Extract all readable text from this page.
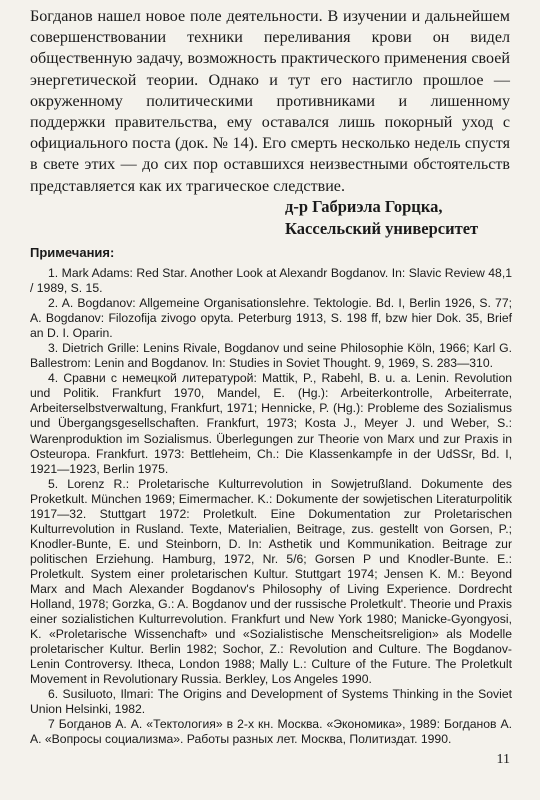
Богданов нашел новое поле деятельности. В изучении и дальнейшем совершенствовании техники переливания крови он видел общественную задачу, возможность практического применения своей энергетической теории. Однако и тут его настигло прошлое — окруженному политическими противниками и лишенному поддержки правительства, ему оставался лишь покорный уход с официального поста (док. № 14). Его смерть несколько недель спустя в свете этих — до сих пор оставшихся неизвестными обстоятельств представляется как их трагическое следствие.

д-р Габриэла Горцка,
Кассельский университет
Примечания:

1. Mark Adams: Red Star. Another Look at Alexandr Bogdanov. In: Slavic Review 48,1 / 1989, S. 15.

2. A. Bogdanov: Allgemeine Organisationslehre. Tektologie. Bd. I, Berlin 1926, S. 77; A. Bogdanov: Filozofija zivogo opyta. Peterburg 1913, S. 198 ff, bzw hier Dok. 35, Brief an D. I. Oparin.

3. Dietrich Grille: Lenins Rivale, Bogdanov und seine Philosophie Köln, 1966; Karl G. Ballestrom: Lenin and Bogdanov. In: Studies in Soviet Thought. 9, 1969, S. 283—310.

4. Сравни с немецкой литературой: Mattik, P., Rabehl, B. u. a. Lenin. Revolution und Politik. Frankfurt 1970, Mandel, E. (Hg.): Arbeiterkontrolle, Arbeiterrate, Arbeiterselbstverwaltung, Frankfurt, 1971; Hennicke, P. (Hg.): Probleme des Sozialismus und Übergangsgesellschaften. Frankfurt, 1973; Kosta J., Meyer J. und Weber, S.: Warenproduktion im Sozialismus. Überlegungen zur Theorie von Marx und zur Praxis in Osteuropa. Frankfurt. 1973: Bettleheim, Ch.: Die Klassenkampfe in der UdSSr, Bd. I, 1921—1923, Berlin 1975.

5. Lorenz R.: Proletarische Kulturrevolution in Sowjetrußland. Dokumente des Proketkult. München 1969; Eimermacher. K.: Dokumente der sowjetischen Literaturpolitik 1917—32. Stuttgart 1972: Proletkult. Eine Dokumentation zur Proletarischen Kulturrevolution in Rusland. Texte, Materialien, Beitrage, zus. gestellt von Gorsen, P.; Knodler-Bunte, E. und Steinborn, D. In: Asthetik und Kommunikation. Beitrage zur politischen Erziehung. Hamburg, 1972, Nr. 5/6; Gorsen P und Knodler-Bunte. E.: Proletkult. System einer proletarischen Kultur. Stuttgart 1974; Jensen K. M.: Beyond Marx and Mach Alexander Bogdanov's Philosophy of Living Experience. Dordrecht Holland, 1978; Gorzka, G.: A. Bogdanov und der russische Proletkult'. Theorie und Praxis einer sozialistichen Kulturrevolution. Frankfurt und New York 1980; Manicke-Gyongyosi, K. «Proletarische Wissenchaft» und «Sozialistische Menscheitsreligion» als Modelle proletarischer Kultur. Berlin 1982; Sochor, Z.: Revolution and Culture. The Bogdanov-Lenin Controversy. Itheca, London 1988; Mally L.: Culture of the Future. The Proletkult Movement in Revolutionary Russia. Berkley, Los Angeles 1990.

6. Susiluoto, Ilmari: The Origins and Development of Systems Thinking in the Soviet Union Helsinki, 1982.

7 Богданов А. А. «Тектология» в 2-х кн. Москва. «Экономика», 1989: Богданов А. А. «Вопросы социализма». Работы разных лет. Москва, Политиздат. 1990.

11
